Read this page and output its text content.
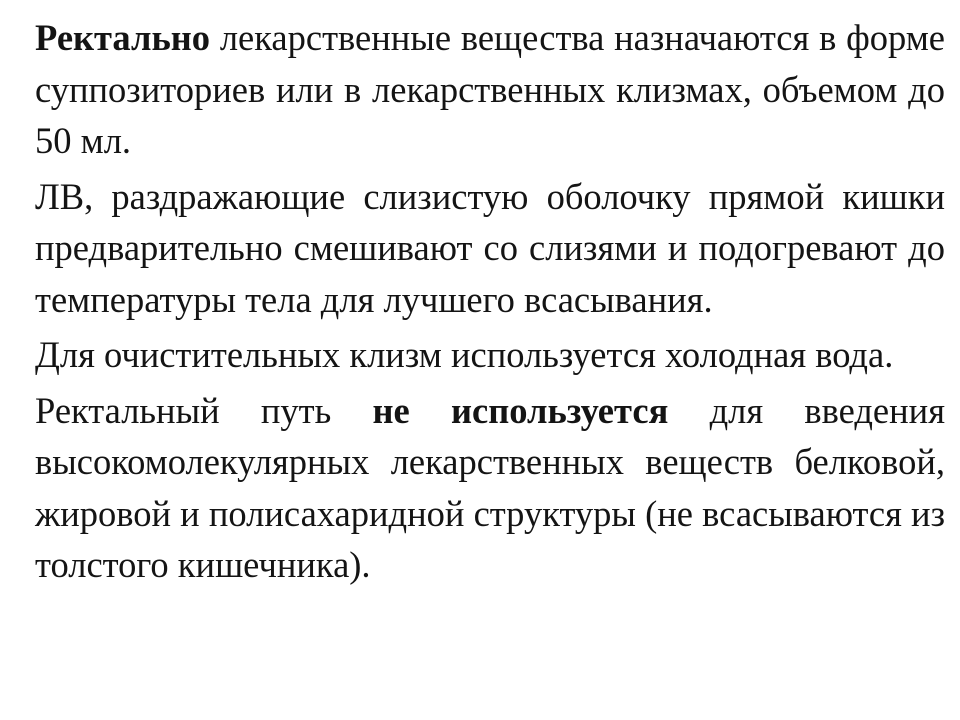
Ректально лекарственные вещества назначаются в форме суппозиториев или в лекарственных клизмах, объемом до 50 мл.

ЛВ, раздражающие слизистую оболочку прямой кишки предварительно смешивают со слизями и подогревают до температуры тела для лучшего всасывания.

Для очистительных клизм используется холодная вода.

Ректальный путь не используется для введения высокомолекулярных лекарственных веществ белковой, жировой и полисахаридной структуры (не всасываются из толстого кишечника).
